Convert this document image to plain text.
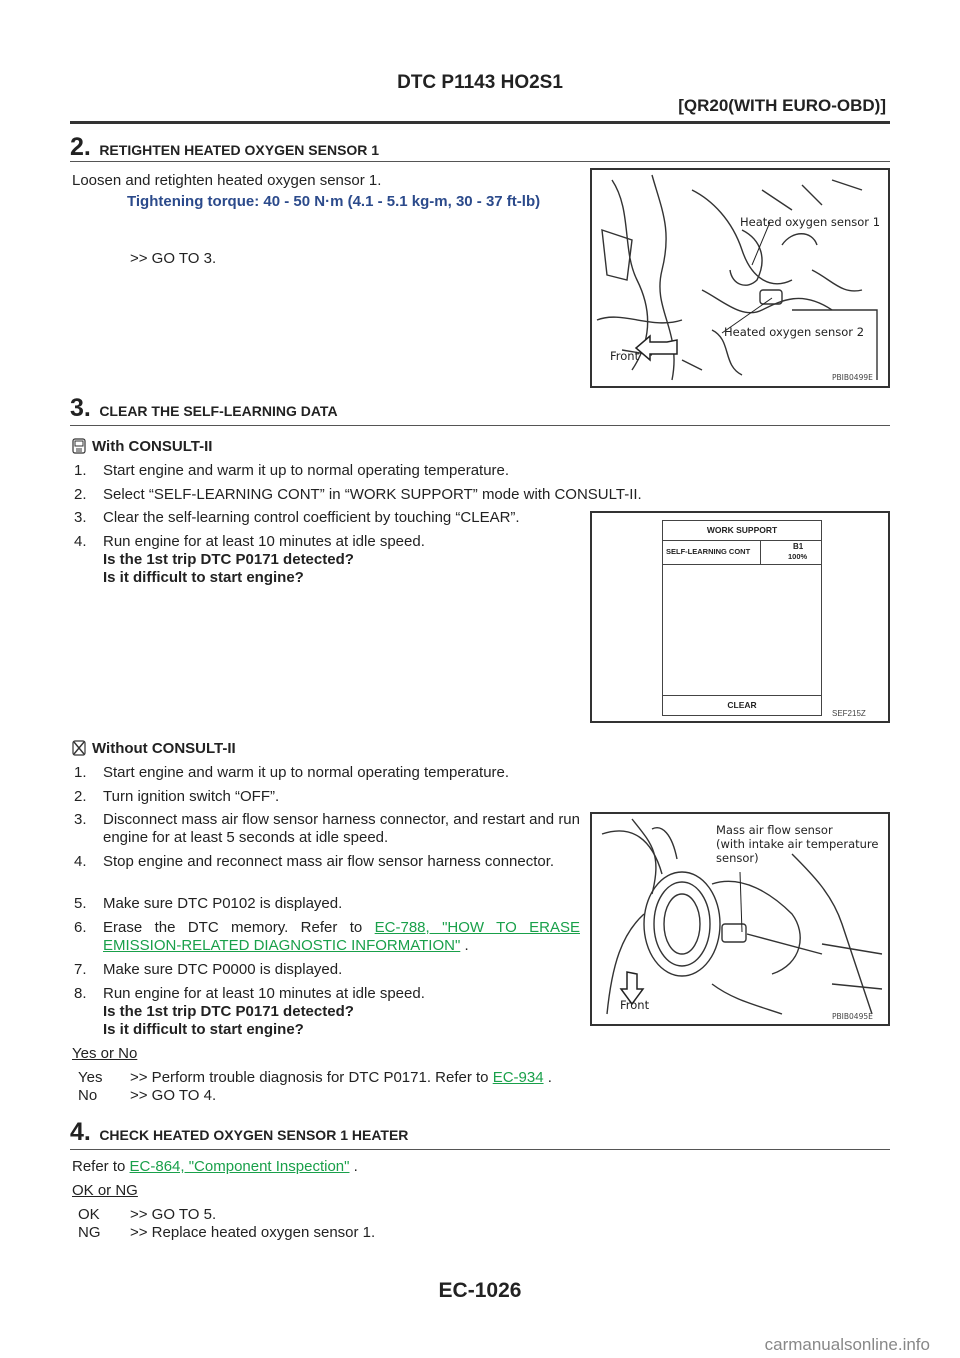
DTC P1143 HO2S1
[QR20(WITH EURO-OBD)]
2. RETIGHTEN HEATED OXYGEN SENSOR 1
Loosen and retighten heated oxygen sensor 1.
Tightening torque: 40 - 50 N·m (4.1 - 5.1 kg-m, 30 - 37 ft-lb)
>> GO TO 3.
Heated oxygen sensor 1
Heated oxygen sensor 2
Front
PBIB0499E
3. CLEAR THE SELF-LEARNING DATA
With CONSULT-II
1. Start engine and warm it up to normal operating temperature.
2. Select “SELF-LEARNING CONT” in “WORK SUPPORT” mode with CONSULT-II.
3. Clear the self-learning control coefficient by touching “CLEAR”.
4. Run engine for at least 10 minutes at idle speed.
Is the 1st trip DTC P0171 detected?
Is it difficult to start engine?
WORK SUPPORT
SELF-LEARNING CONT
B1
100%
CLEAR
SEF215Z
Without CONSULT-II
1. Start engine and warm it up to normal operating temperature.
2. Turn ignition switch “OFF”.
3. Disconnect mass air flow sensor harness connector, and restart and run engine for at least 5 seconds at idle speed.
4. Stop engine and reconnect mass air flow sensor harness connector.
5. Make sure DTC P0102 is displayed.
6. Erase the DTC memory. Refer to EC-788, "HOW TO ERASE EMISSION-RELATED DIAGNOSTIC INFORMATION" .
7. Make sure DTC P0000 is displayed.
8. Run engine for at least 10 minutes at idle speed.
Is the 1st trip DTC P0171 detected?
Is it difficult to start engine?
Mass air flow sensor
(with intake air temperature
sensor)
Front
PBIB0495E
Yes or No
Yes >> Perform trouble diagnosis for DTC P0171. Refer to EC-934 .
No >> GO TO 4.
4. CHECK HEATED OXYGEN SENSOR 1 HEATER
Refer to EC-864, "Component Inspection" .
OK or NG
OK >> GO TO 5.
NG >> Replace heated oxygen sensor 1.
EC-1026
carmanualsonline.info
